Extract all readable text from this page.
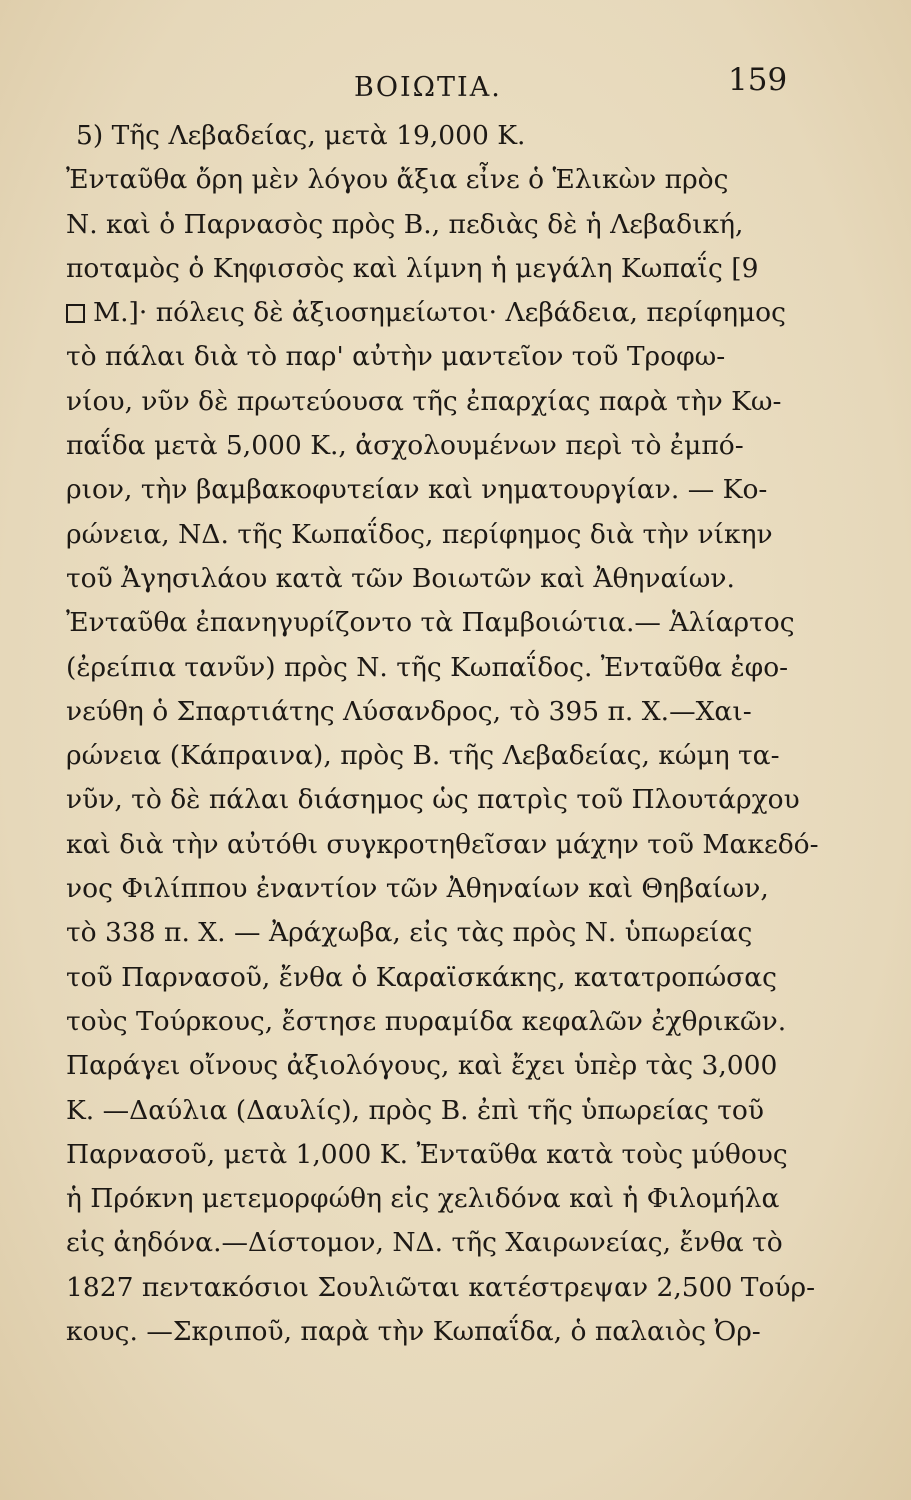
ΒΟΙΩΤΙΑ.	159
5) Τῆς Λεβαδείας, μετὰ 19,000 Κ.
Ἐνταῦθα ὄρη μὲν λόγου ἄξια εἶνε ὁ Ἑλικὼν πρὸς
Ν. καὶ ὁ Παρνασὸς πρὸς Β., πεδιὰς δὲ ἡ Λεβαδική,
ποταμὸς ὁ Κηφισσὸς καὶ λίμνη ἡ μεγάλη Κωπαΐς [9
Μ.]· πόλεις δὲ ἀξιοσημείωτοι· Λεβάδεια, περίφημος
τὸ πάλαι διὰ τὸ παρ' αὐτὴν μαντεῖον τοῦ Τροφω-
νίου, νῦν δὲ πρωτεύουσα τῆς ἐπαρχίας παρὰ τὴν Κω-
παΐδα μετὰ 5,000 Κ., ἀσχολουμένων περὶ τὸ ἐμπό-
ριον, τὴν βαμβακοφυτείαν καὶ νηματουργίαν. — Κο-
ρώνεια, ΝΔ. τῆς Κωπαΐδος, περίφημος διὰ τὴν νίκην
τοῦ Ἀγησιλάου κατὰ τῶν Βοιωτῶν καὶ Ἀθηναίων.
Ἐνταῦθα ἐπανηγυρίζοντο τὰ Παμβοιώτια.— Ἁλίαρτος
(ἐρείπια τανῦν) πρὸς Ν. τῆς Κωπαΐδος. Ἐνταῦθα ἐφο-
νεύθη ὁ Σπαρτιάτης Λύσανδρος, τὸ 395 π. Χ.—Χαι-
ρώνεια (Κάπραινα), πρὸς Β. τῆς Λεβαδείας, κώμη τα-
νῦν, τὸ δὲ πάλαι διάσημος ὡς πατρὶς τοῦ Πλουτάρχου
καὶ διὰ τὴν αὐτόθι συγκροτηθεῖσαν μάχην τοῦ Μακεδό-
νος Φιλίππου ἐναντίον τῶν Ἀθηναίων καὶ Θηβαίων,
τὸ 338 π. Χ. — Ἀράχωβα, εἰς τὰς πρὸς Ν. ὑπωρείας
τοῦ Παρνασοῦ, ἔνθα ὁ Καραϊσκάκης, κατατροπώσας
τοὺς Τούρκους, ἔστησε πυραμίδα κεφαλῶν ἐχθρικῶν.
Παράγει οἴνους ἀξιολόγους, καὶ ἔχει ὑπὲρ τὰς 3,000
Κ. —Δαύλια (Δαυλίς), πρὸς Β. ἐπὶ τῆς ὑπωρείας τοῦ
Παρνασοῦ, μετὰ 1,000 Κ. Ἐνταῦθα κατὰ τοὺς μύθους
ἡ Πρόκνη μετεμορφώθη εἰς χελιδόνα καὶ ἡ Φιλομήλα
εἰς ἀηδόνα.—Δίστομον, ΝΔ. τῆς Χαιρωνείας, ἔνθα τὸ
1827 πεντακόσιοι Σουλιῶται κατέστρεψαν 2,500 Τούρ-
κους. —Σκριποῦ, παρὰ τὴν Κωπαΐδα, ὁ παλαιὸς Ὀρ-
